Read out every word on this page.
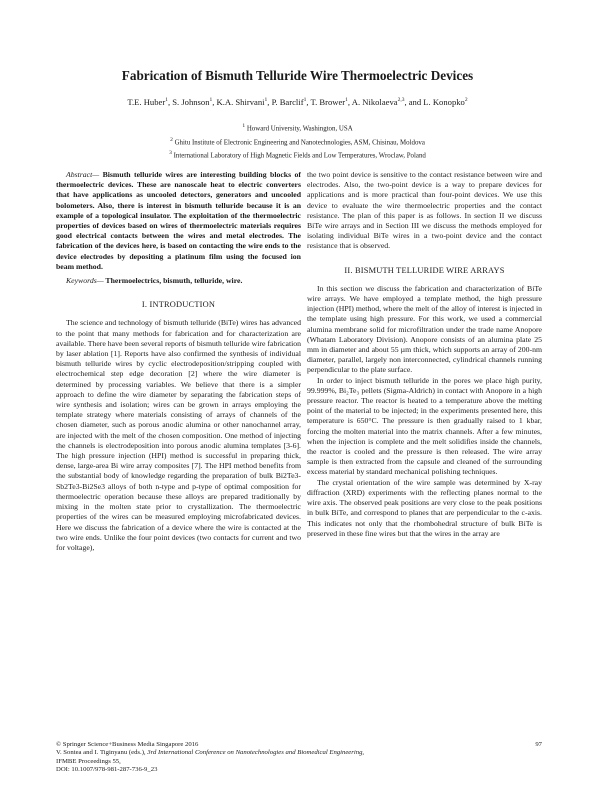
Fabrication of Bismuth Telluride Wire Thermoelectric Devices
T.E. Huber$^1$, S. Johnson$^1$, K.A. Shirvani$^1$, P. Barclif$^1$, T. Brower$^1$, A. Nikolaeva$^{2,3}$, and L. Konopko$^2$
$^1$ Howard University, Washington, USA
$^2$ Ghitu Institute of Electronic Engineering and Nanotechnologies, ASM, Chisinau, Moldova
$^3$ International Laboratory of High Magnetic Fields and Low Temperatures, Wroclaw, Poland

Abstract— Bismuth telluride wires are interesting building blocks of thermoelectric devices. These are nanoscale heat to electric converters that have applications as uncooled detectors, generators and uncooled bolometers. Also, there is interest in bismuth telluride because it is an example of a topological insulator. The exploitation of the thermoelectric properties of devices based on wires of thermoelectric materials requires good electrical contacts between the wires and metal electrodes. The fabrication of the devices here, is based on contacting the wire ends to the device electrodes by depositing a platinum film using the focused ion beam method.

Keywords— Thermoelectrics, bismuth, telluride, wire.

I. INTRODUCTION

The science and technology of bismuth telluride (BiTe) wires has advanced to the point that many methods for fabrication and for characterization are available. There have been several reports of bismuth telluride wire fabrication by laser ablation [1]. Reports have also confirmed the synthesis of individual bismuth telluride wires by cyclic electrodeposition/stripping coupled with electrochemical step edge decoration [2] where the wire diameter is determined by processing variables. We believe that there is a simpler approach to define the wire diameter by separating the fabrication steps of wire synthesis and isolation; wires can be grown in arrays employing the template strategy where materials consisting of arrays of channels of the chosen diameter, such as porous anodic alumina or other nanochannel array, are injected with the melt of the chosen composition. One method of injecting the channels is electrodeposition into porous anodic alumina templates [3-6]. The high pressure injection (HPI) method is successful in preparing thick, dense, large-area Bi wire array composites [7]. The HPI method benefits from the substantial body of knowledge regarding the preparation of bulk Bi2Te3-Sb2Te3-Bi2Se3 alloys of both n-type and p-type of optimal composition for thermoelectric operation because these alloys are prepared traditionally by mixing in the molten state prior to crystallization. The thermoelectric properties of the wires can be measured employing microfabricated devices. Here we discuss the fabrication of a device where the wire is contacted at the two wire ends. Unlike the four point devices (two contacts for current and two for voltage),

the two point device is sensitive to the contact resistance between wire and electrodes. Also, the two-point device is a way to prepare devices for applications and is more practical than four-point devices. We use this device to evaluate the wire thermoelectric properties and the contact resistance. The plan of this paper is as follows. In section II we discuss BiTe wire arrays and in Section III we discuss the methods employed for isolating individual BiTe wires in a two-point device and the contact resistance that is observed.

II. BISMUTH TELLURIDE WIRE ARRAYS

In this section we discuss the fabrication and characterization of BiTe wire arrays. We have employed a template method, the high pressure injection (HPI) method, where the melt of the alloy of interest is injected in the template using high pressure. For this work, we used a commercial alumina membrane solid for microfiltration under the trade name Anopore (Whatam Laboratory Division). Anopore consists of an alumina plate 25 mm in diameter and about 55 µm thick, which supports an array of 200-nm diameter, parallel, largely non interconnected, cylindrical channels running perpendicular to the plate surface.

In order to inject bismuth telluride in the pores we place high purity, 99.999%, Bi₂Te₃ pellets (Sigma-Aldrich) in contact with Anopore in a high pressure reactor. The reactor is heated to a temperature above the melting point of the material to be injected; in the experiments presented here, this temperature is 650°C. The pressure is then gradually raised to 1 kbar, forcing the molten material into the matrix channels. After a few minutes, when the injection is complete and the melt solidifies inside the channels, the reactor is cooled and the pressure is then released. The wire array sample is then extracted from the capsule and cleaned of the surrounding excess material by standard mechanical polishing techniques.

The crystal orientation of the wire sample was determined by X-ray diffraction (XRD) experiments with the reflecting planes normal to the wire axis. The observed peak positions are very close to the peak positions in bulk BiTe, and correspond to planes that are perpendicular to the c-axis. This indicates not only that the rhombohedral structure of bulk BiTe is preserved in these fine wires but that the wires in the array are

© Springer Science+Business Media Singapore 2016
V. Sontea and I. Tiginyanu (eds.), 3rd International Conference on Nanotechnologies and Biomedical Engineering,
IFMBE Proceedings 55,
DOI: 10.1007/978-981-287-736-9_23
97
